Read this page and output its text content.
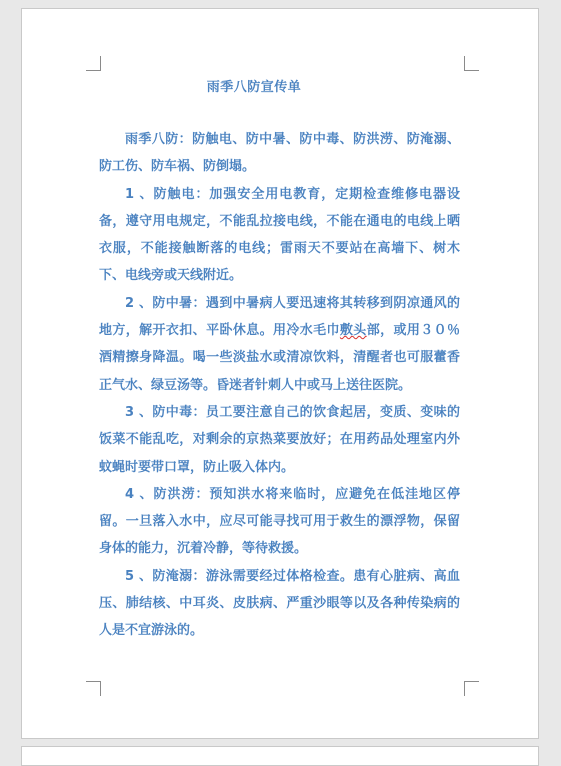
雨季八防宣传单

雨季八防：防触电、防中暑、防中毒、防洪涝、防淹溺、防工伤、防车祸、防倒塌。

1 、防触电：加强安全用电教育，定期检查维修电器设备，遵守用电规定，不能乱拉接电线，不能在通电的电线上晒衣服，不能接触断落的电线；雷雨天不要站在高墙下、树木下、电线旁或天线附近。

2 、防中暑：遇到中暑病人要迅速将其转移到阴凉通风的地方，解开衣扣、平卧休息。用冷水毛巾敷头部，或用３０％酒精擦身降温。喝一些淡盐水或清凉饮料，清醒者也可服藿香正气水、绿豆汤等。昏迷者针刺人中或马上送往医院。

3 、防中毒：员工要注意自己的饮食起居，变质、变味的饭菜不能乱吃，对剩余的京热菜要放好；在用药品处理室内外蚊蝇时要带口罩，防止吸入体内。

4 、防洪涝：预知洪水将来临时，应避免在低洼地区停留。一旦落入水中，应尽可能寻找可用于救生的漂浮物，保留身体的能力，沉着冷静，等待救援。

5 、防淹溺：游泳需要经过体格检查。患有心脏病、高血压、肺结核、中耳炎、皮肤病、严重沙眼等以及各种传染病的人是不宜游泳的。
